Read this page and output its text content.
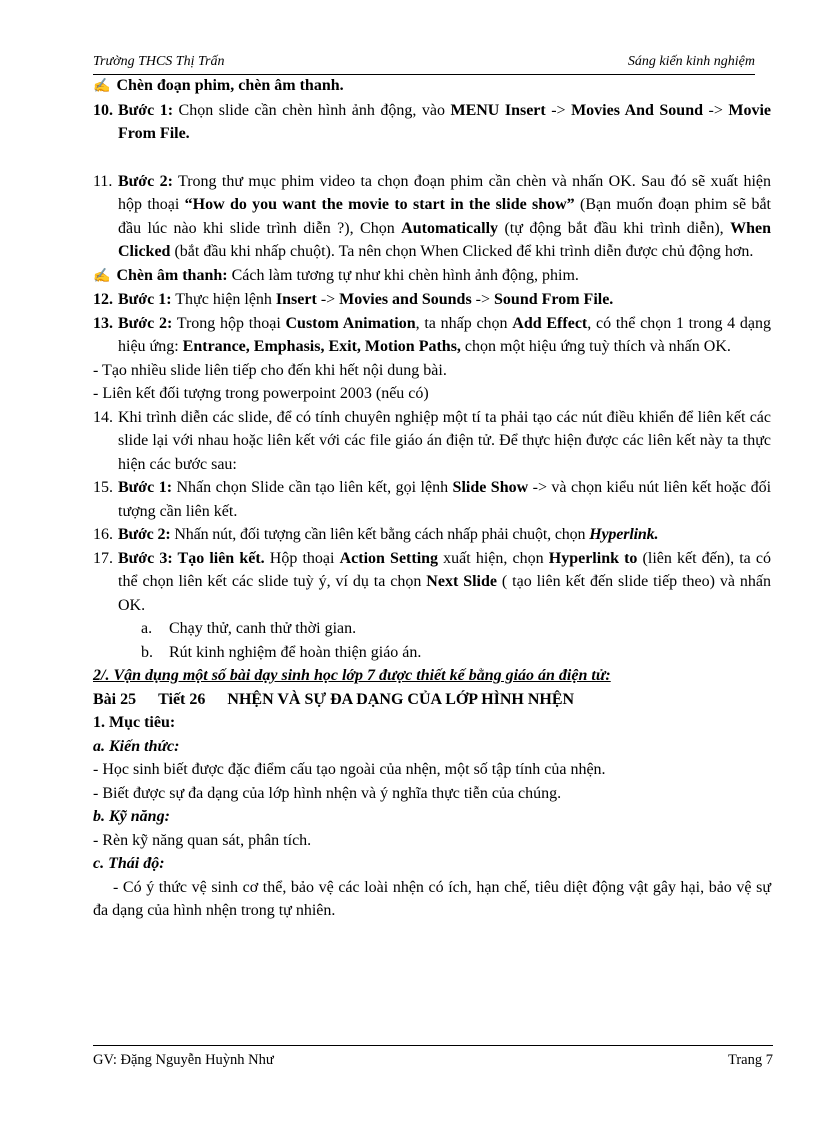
Trường THCS Thị Trấn	Sáng kiến kinh nghiệm

✍ Chèn đoạn phim, chèn âm thanh.

10. Bước 1: Chọn slide cần chèn hình ảnh động, vào MENU Insert -> Movies And Sound -> Movie From File.

11. Bước 2: Trong thư mục phim video ta chọn đoạn phim cần chèn và nhấn OK. Sau đó sẽ xuất hiện hộp thoại “How do you want the movie to start in the slide show” (Bạn muốn đoạn phim sẽ bắt đầu lúc nào khi slide trình diễn ?), Chọn Automatically (tự động bắt đầu khi trình diễn), When Clicked (bắt đầu khi nhấp chuột). Ta nên chọn When Clicked để khi trình diễn được chủ động hơn.

✍ Chèn âm thanh: Cách làm tương tự như khi chèn hình ảnh động, phim.

12. Bước 1: Thực hiện lệnh Insert -> Movies and Sounds -> Sound From File.

13. Bước 2: Trong hộp thoại Custom Animation, ta nhấp chọn Add Effect, có thể chọn 1 trong 4 dạng hiệu ứng: Entrance, Emphasis, Exit, Motion Paths, chọn một hiệu ứng tuỳ thích và nhấn OK.

- Tạo nhiều slide liên tiếp cho đến khi hết nội dung bài.

- Liên kết đối tượng trong powerpoint 2003 (nếu có)

14. Khi trình diễn các slide, để có tính chuyên nghiệp một tí ta phải tạo các nút điều khiển để liên kết các slide lại với nhau hoặc liên kết với các file giáo án điện tử. Để thực hiện được các liên kết này ta thực hiện các bước sau:

15. Bước 1: Nhấn chọn Slide cần tạo liên kết, gọi lệnh Slide Show -> và chọn kiểu nút liên kết hoặc đối tượng cần liên kết.

16. Bước 2: Nhấn nút, đối tượng cần liên kết bằng cách nhấp phải chuột, chọn Hyperlink.

17. Bước 3: Tạo liên kết. Hộp thoại Action Setting xuất hiện, chọn Hyperlink to (liên kết đến), ta có thể chọn liên kết các slide tuỳ ý, ví dụ ta chọn Next Slide ( tạo liên kết đến slide tiếp theo) và nhấn OK.

a.	Chạy thử, canh thử thời gian.
b.	Rút kinh nghiệm để hoàn thiện giáo án.

2/. Vận dụng một số bài dạy sinh học lớp 7 được thiết kế bằng giáo án điện tử:

Bài 25 Tiết 26 NHỆN VÀ SỰ ĐA DẠNG CỦA LỚP HÌNH NHỆN

1. Mục tiêu:

a. Kiến thức:

- Học sinh biết được đặc điểm cấu tạo ngoài của nhện, một số tập tính của nhện.

- Biết được sự đa dạng của lớp hình nhện và ý nghĩa thực tiễn của chúng.

b. Kỹ năng:

- Rèn kỹ năng quan sát, phân tích.

c. Thái độ:

- Có ý thức vệ sinh cơ thể, bảo vệ các loài nhện có ích, hạn chế, tiêu diệt động vật gây hại, bảo vệ sự đa dạng của hình nhện trong tự nhiên.

GV: Đặng Nguyễn Huỳnh Như	Trang 7
